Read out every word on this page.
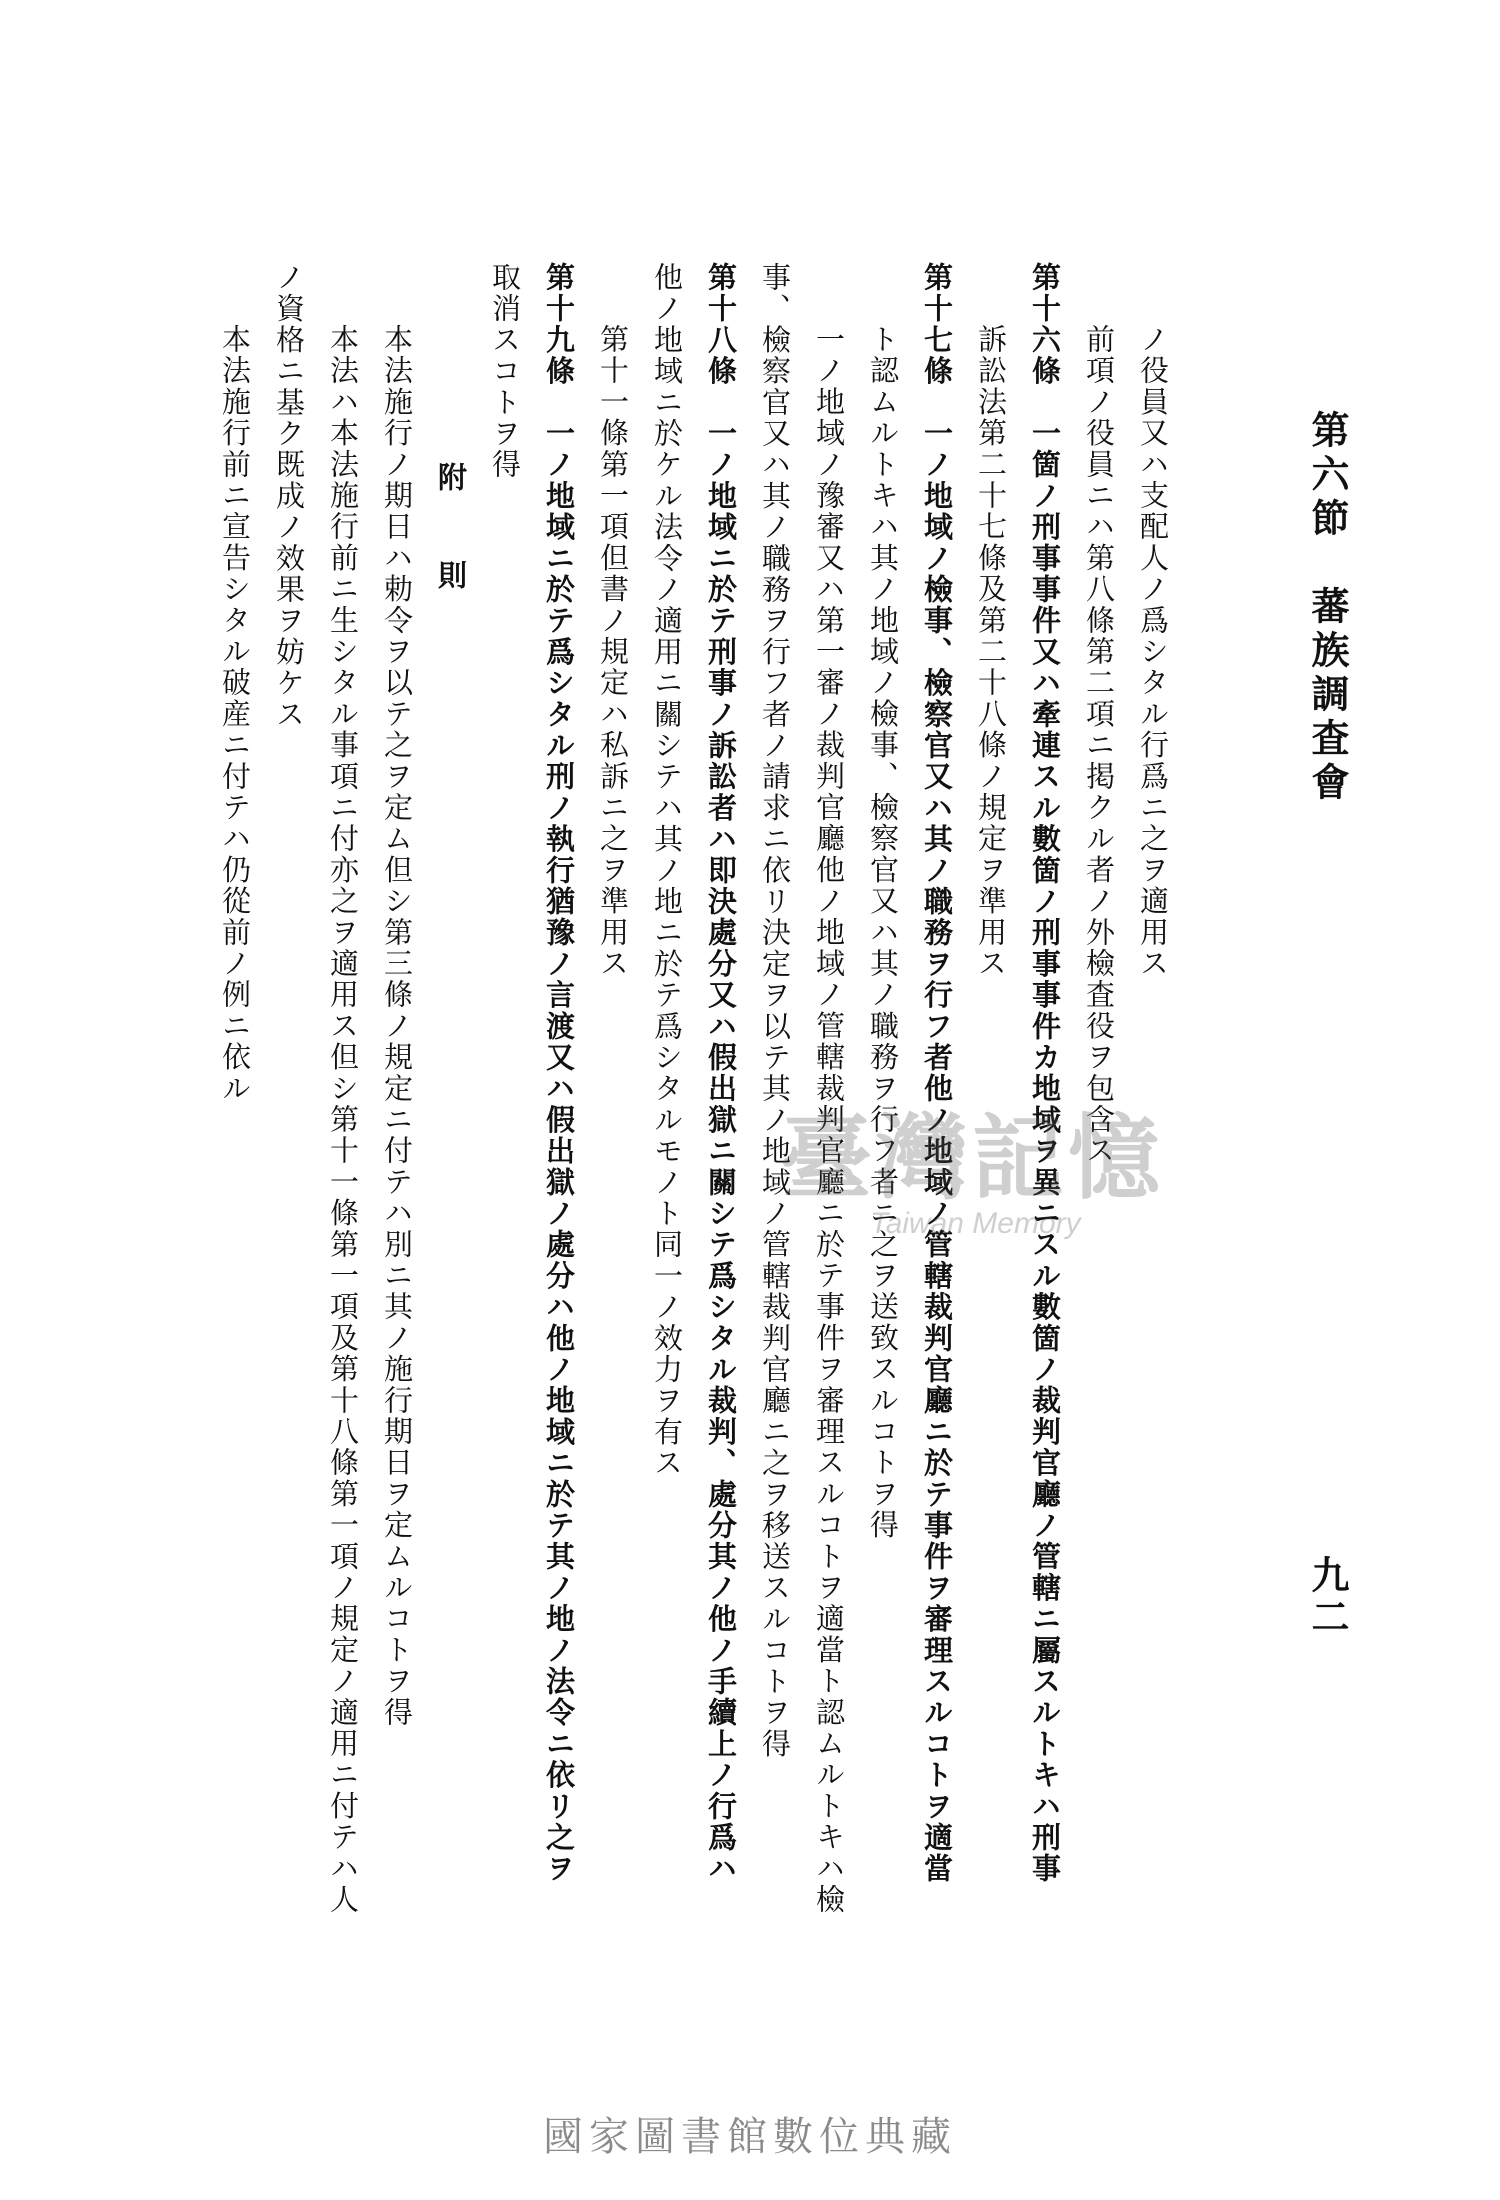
第六節　蕃族調査會
九二
ノ役員又ハ支配人ノ爲シタル行爲ニ之ヲ適用ス
前項ノ役員ニハ第八條第二項ニ掲クル者ノ外檢査役ヲ包含ス
第十六條　一箇ノ刑事事件又ハ牽連スル數箇ノ刑事事件カ地域ヲ異ニスル數箇ノ裁判官廳ノ管轄ニ屬スルトキハ刑事
訴訟法第二十七條及第二十八條ノ規定ヲ準用ス
第十七條　一ノ地域ノ檢事、檢察官又ハ其ノ職務ヲ行フ者他ノ地域ノ管轄裁判官廳ニ於テ事件ヲ審理スルコトヲ適當
ト認ムルトキハ其ノ地域ノ檢事、檢察官又ハ其ノ職務ヲ行フ者ニ之ヲ送致スルコトヲ得
一ノ地域ノ豫審又ハ第一審ノ裁判官廳他ノ地域ノ管轄裁判官廳ニ於テ事件ヲ審理スルコトヲ適當ト認ムルトキハ檢
事、檢察官又ハ其ノ職務ヲ行フ者ノ請求ニ依リ決定ヲ以テ其ノ地域ノ管轄裁判官廳ニ之ヲ移送スルコトヲ得
第十八條　一ノ地域ニ於テ刑事ノ訴訟者ハ即決處分又ハ假出獄ニ關シテ爲シタル裁判、處分其ノ他ノ手續上ノ行爲ハ
他ノ地域ニ於ケル法令ノ適用ニ關シテハ其ノ地ニ於テ爲シタルモノト同一ノ效力ヲ有ス
第十一條第一項但書ノ規定ハ私訴ニ之ヲ準用ス
第十九條　一ノ地域ニ於テ爲シタル刑ノ執行猶豫ノ言渡又ハ假出獄ノ處分ハ他ノ地域ニ於テ其ノ地ノ法令ニ依リ之ヲ
取消スコトヲ得
附　則
本法施行ノ期日ハ勅令ヲ以テ之ヲ定ム但シ第三條ノ規定ニ付テハ別ニ其ノ施行期日ヲ定ムルコトヲ得
本法ハ本法施行前ニ生シタル事項ニ付亦之ヲ適用ス但シ第十一條第一項及第十八條第一項ノ規定ノ適用ニ付テハ人
ノ資格ニ基ク既成ノ效果ヲ妨ケス
本法施行前ニ宣告シタル破産ニ付テハ仍從前ノ例ニ依ル
臺灣記憶
Taiwan Memory
國家圖書館數位典藏
